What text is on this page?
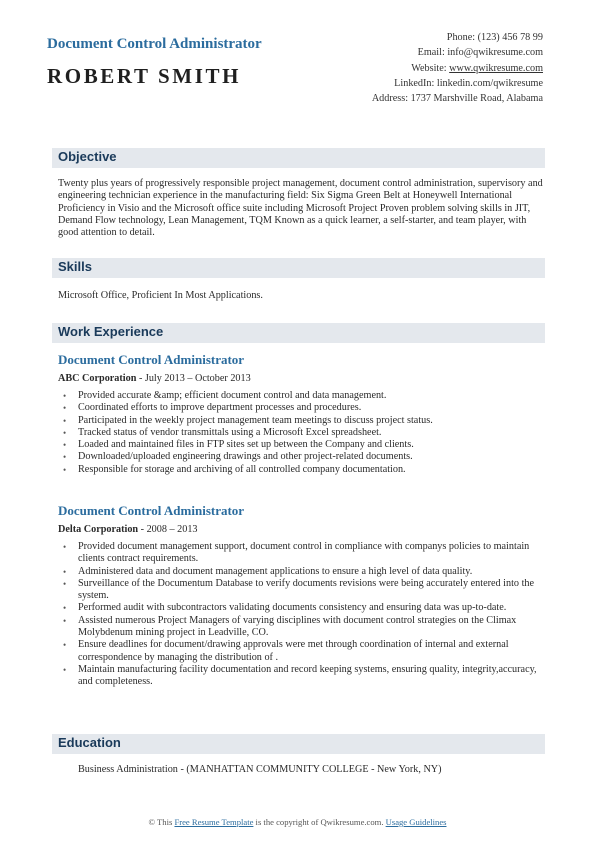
Document Control Administrator
ROBERT SMITH
Phone: (123) 456 78 99
Email: info@qwikresume.com
Website: www.qwikresume.com
LinkedIn: linkedin.com/qwikresume
Address: 1737 Marshville Road, Alabama
Objective
Twenty plus years of progressively responsible project management, document control administration, supervisory and engineering technician experience in the manufacturing field: Six Sigma Green Belt at Honeywell International Proficiency in Visio and the Microsoft office suite including Microsoft Project Proven problem solving skills in JIT, Demand Flow technology, Lean Management, TQM Known as a quick learner, a self-starter, and team player, with good attention to detail.
Skills
Microsoft Office, Proficient In Most Applications.
Work Experience
Document Control Administrator
ABC Corporation - July 2013 – October 2013
• Provided accurate &amp; efficient document control and data management.
• Coordinated efforts to improve department processes and procedures.
• Participated in the weekly project management team meetings to discuss project status.
• Tracked status of vendor transmittals using a Microsoft Excel spreadsheet.
• Loaded and maintained files in FTP sites set up between the Company and clients.
• Downloaded/uploaded engineering drawings and other project-related documents.
• Responsible for storage and archiving of all controlled company documentation.
Document Control Administrator
Delta Corporation - 2008 – 2013
• Provided document management support, document control in compliance with companys policies to maintain clients contract requirements.
• Administered data and document management applications to ensure a high level of data quality.
• Surveillance of the Documentum Database to verify documents revisions were being accurately entered into the system.
• Performed audit with subcontractors validating documents consistency and ensuring data was up-to-date.
• Assisted numerous Project Managers of varying disciplines with document control strategies on the Climax Molybdenum mining project in Leadville, CO.
• Ensure deadlines for document/drawing approvals were met through coordination of internal and external correspondence by managing the distribution of .
• Maintain manufacturing facility documentation and record keeping systems, ensuring quality, integrity,accuracy, and completeness.
Education
Business Administration - (MANHATTAN COMMUNITY COLLEGE - New York, NY)
© This Free Resume Template is the copyright of Qwikresume.com. Usage Guidelines
